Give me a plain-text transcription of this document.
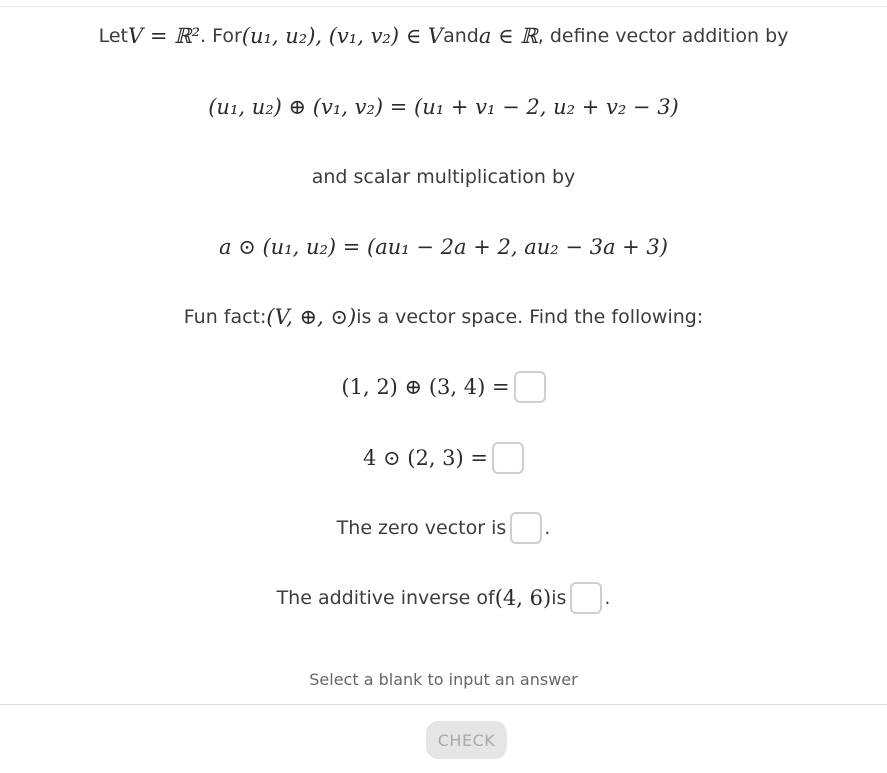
Let V = ℝ² . For (u₁, u₂), (v₁, v₂) ∈ V and a ∈ ℝ , define vector addition by
(u₁, u₂) ⊕ (v₁, v₂) = (u₁ + v₁ − 2, u₂ + v₂ − 3)
and scalar multiplication by
a ⊙ (u₁, u₂) = (au₁ − 2a + 2, au₂ − 3a + 3)
Fun fact: (V, ⊕, ⊙) is a vector space. Find the following:
(1, 2) ⊕ (3, 4) =
4 ⊙ (2, 3) =
The zero vector is .
The additive inverse of (4, 6) is .
Select a blank to input an answer
CHECK
